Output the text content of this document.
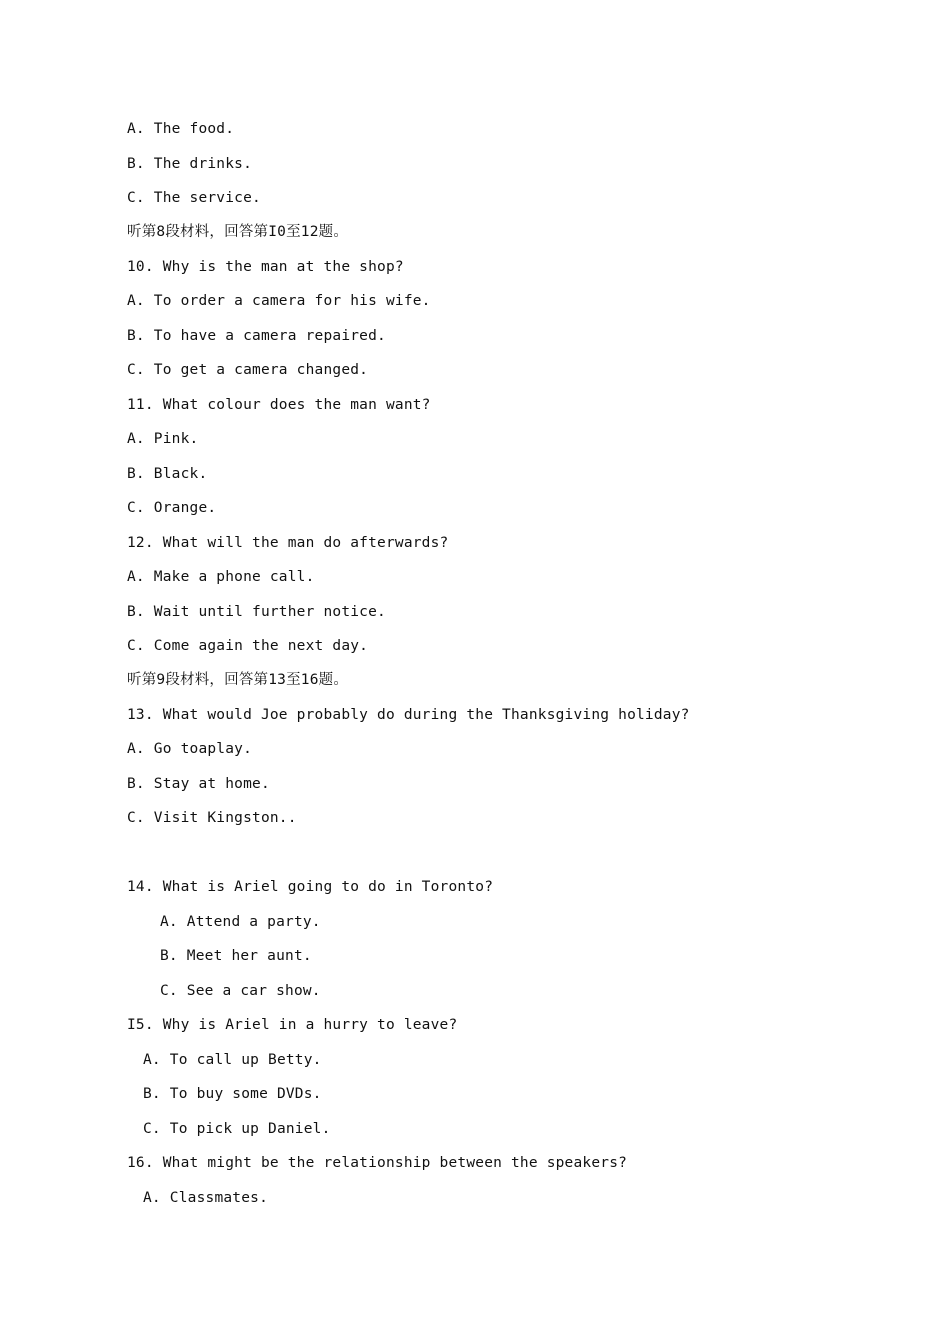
A. The food.
B. The drinks.
C. The service.
听第8段材料，回答第I0至12题。
10. Why is the man at the shop?
A. To order a camera for his wife.
B. To have a camera repaired.
C. To get a camera changed.
11. What colour does the man want?
A. Pink.
B. Black.
C. Orange.
12. What will the man do afterwards?
A. Make a phone call.
B. Wait until further notice.
C. Come again the next day.
听第9段材料，回答第13至16题。
13. What would Joe probably do during the Thanksgiving holiday?
A. Go toaplay.
B. Stay at home.
C. Visit Kingston..
14. What is Ariel going to do in Toronto?
A. Attend a party.
B. Meet her aunt.
C. See a car show.
I5. Why is Ariel in a hurry to leave?
A. To call up Betty.
B. To buy some DVDs.
C. To pick up Daniel.
16. What might be the relationship between the speakers?
A. Classmates.
